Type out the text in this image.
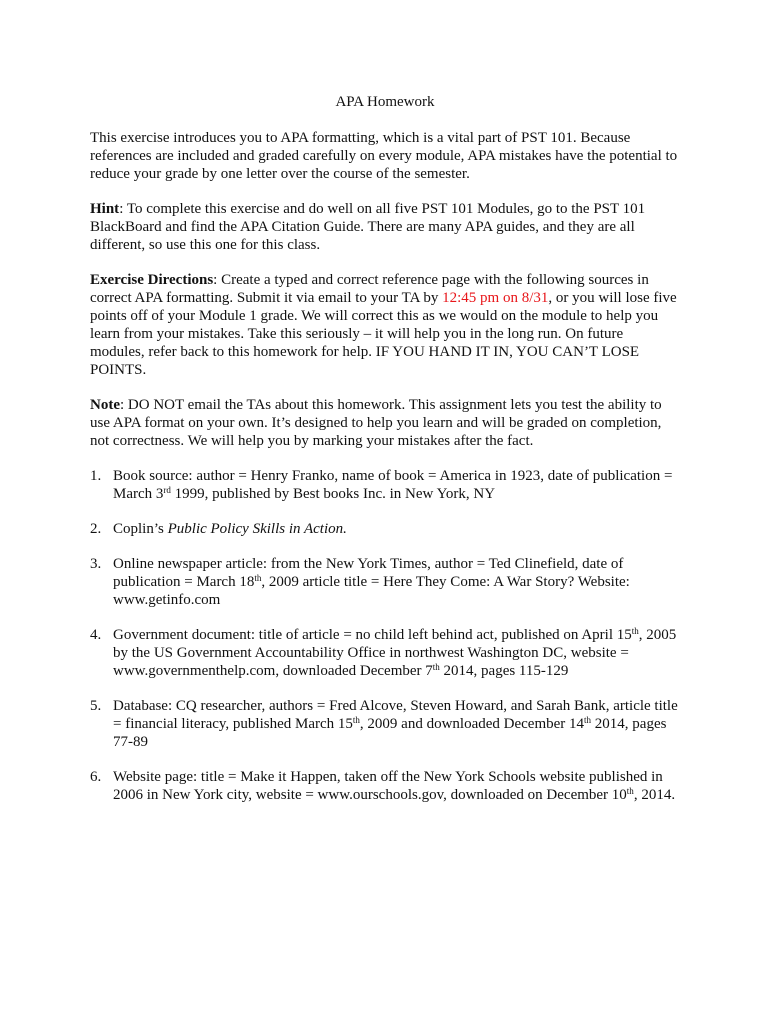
APA Homework

This exercise introduces you to APA formatting, which is a vital part of PST 101. Because references are included and graded carefully on every module, APA mistakes have the potential to reduce your grade by one letter over the course of the semester.

Hint: To complete this exercise and do well on all five PST 101 Modules, go to the PST 101 BlackBoard and find the APA Citation Guide. There are many APA guides, and they are all different, so use this one for this class.

Exercise Directions: Create a typed and correct reference page with the following sources in correct APA formatting. Submit it via email to your TA by 12:45 pm on 8/31, or you will lose five points off of your Module 1 grade. We will correct this as we would on the module to help you learn from your mistakes. Take this seriously – it will help you in the long run. On future modules, refer back to this homework for help. IF YOU HAND IT IN, YOU CAN’T LOSE POINTS.

Note: DO NOT email the TAs about this homework. This assignment lets you test the ability to use APA format on your own. It’s designed to help you learn and will be graded on completion, not correctness. We will help you by marking your mistakes after the fact.

1. Book source: author = Henry Franko, name of book = America in 1923, date of publication = March 3rd 1999, published by Best books Inc. in New York, NY
2. Coplin’s Public Policy Skills in Action.
3. Online newspaper article: from the New York Times, author = Ted Clinefield, date of publication = March 18th, 2009 article title = Here They Come: A War Story? Website: www.getinfo.com
4. Government document: title of article = no child left behind act, published on April 15th, 2005 by the US Government Accountability Office in northwest Washington DC, website = www.governmenthelp.com, downloaded December 7th 2014, pages 115-129
5. Database: CQ researcher, authors = Fred Alcove, Steven Howard, and Sarah Bank, article title = financial literacy, published March 15th, 2009 and downloaded December 14th 2014, pages 77-89
6. Website page: title = Make it Happen, taken off the New York Schools website published in 2006 in New York city, website = www.ourschools.gov, downloaded on December 10th, 2014.
